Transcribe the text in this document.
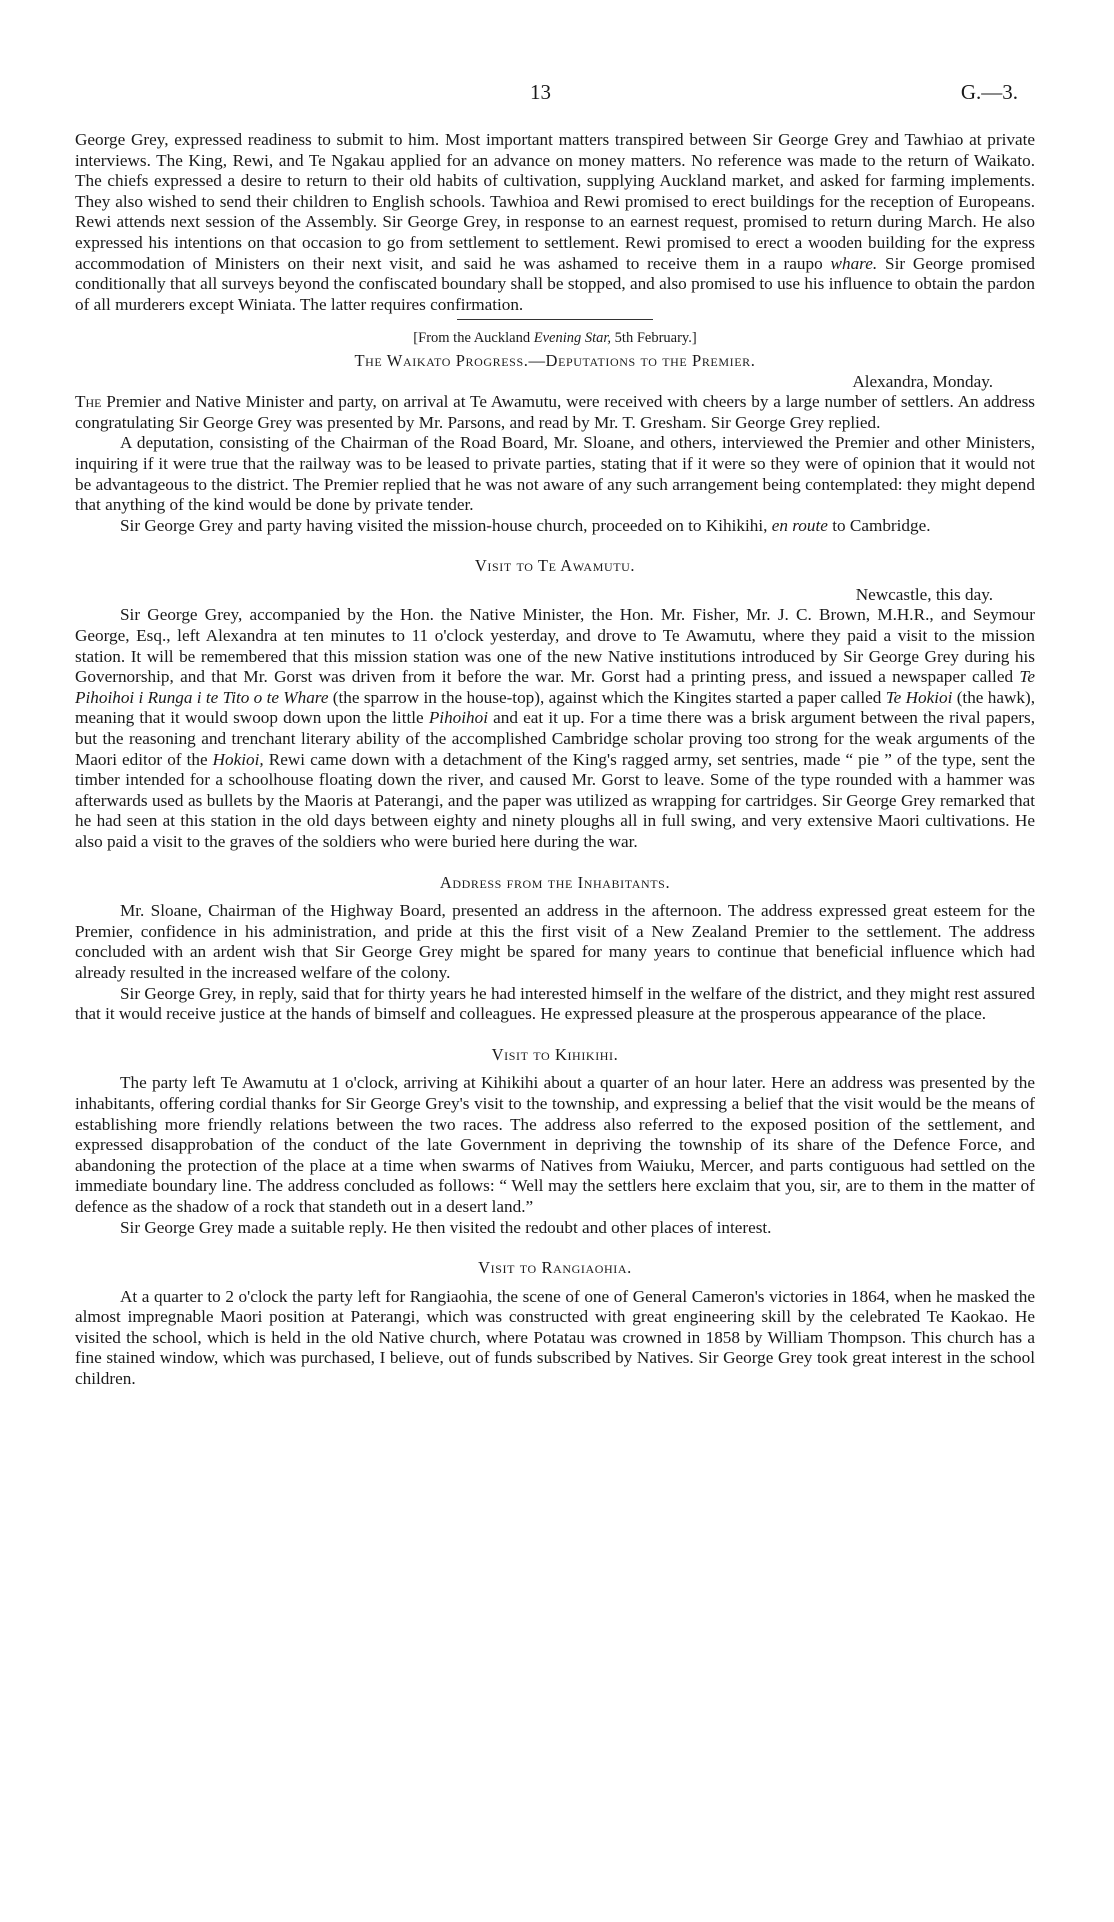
13	G.—3.

George Grey, expressed readiness to submit to him. Most important matters transpired between Sir George Grey and Tawhiao at private interviews. The King, Rewi, and Te Ngakau applied for an advance on money matters. No reference was made to the return of Waikato. The chiefs expressed a desire to return to their old habits of cultivation, supplying Auckland market, and asked for farming implements. They also wished to send their children to English schools. Tawhioa and Rewi promised to erect buildings for the reception of Europeans. Rewi attends next session of the Assembly. Sir George Grey, in response to an earnest request, promised to return during March. He also expressed his intentions on that occasion to go from settlement to settlement. Rewi promised to erect a wooden building for the express accommodation of Ministers on their next visit, and said he was ashamed to receive them in a raupo whare. Sir George promised conditionally that all surveys beyond the confiscated boundary shall be stopped, and also promised to use his influence to obtain the pardon of all murderers except Winiata. The latter requires confirmation.

[From the Auckland Evening Star, 5th February.]

The Waikato Progress.—Deputations to the Premier.

Alexandra, Monday.

The Premier and Native Minister and party, on arrival at Te Awamutu, were received with cheers by a large number of settlers. An address congratulating Sir George Grey was presented by Mr. Parsons, and read by Mr. T. Gresham. Sir George Grey replied.

A deputation, consisting of the Chairman of the Road Board, Mr. Sloane, and others, interviewed the Premier and other Ministers, inquiring if it were true that the railway was to be leased to private parties, stating that if it were so they were of opinion that it would not be advantageous to the district. The Premier replied that he was not aware of any such arrangement being contemplated: they might depend that anything of the kind would be done by private tender.

Sir George Grey and party having visited the mission-house church, proceeded on to Kihikihi, en route to Cambridge.

Visit to Te Awamutu.

Newcastle, this day.

Sir George Grey, accompanied by the Hon. the Native Minister, the Hon. Mr. Fisher, Mr. J. C. Brown, M.H.R., and Seymour George, Esq., left Alexandra at ten minutes to 11 o'clock yesterday, and drove to Te Awamutu, where they paid a visit to the mission station. It will be remembered that this mission station was one of the new Native institutions introduced by Sir George Grey during his Governorship, and that Mr. Gorst was driven from it before the war. Mr. Gorst had a printing press, and issued a newspaper called Te Pihoihoi i Runga i te Tito o te Whare (the sparrow in the house-top), against which the Kingites started a paper called Te Hokioi (the hawk), meaning that it would swoop down upon the little Pihoihoi and eat it up. For a time there was a brisk argument between the rival papers, but the reasoning and trenchant literary ability of the accomplished Cambridge scholar proving too strong for the weak arguments of the Maori editor of the Hokioi, Rewi came down with a detachment of the King's ragged army, set sentries, made “ pie ” of the type, sent the timber intended for a schoolhouse floating down the river, and caused Mr. Gorst to leave. Some of the type rounded with a hammer was afterwards used as bullets by the Maoris at Paterangi, and the paper was utilized as wrapping for cartridges. Sir George Grey remarked that he had seen at this station in the old days between eighty and ninety ploughs all in full swing, and very extensive Maori cultivations. He also paid a visit to the graves of the soldiers who were buried here during the war.

Address from the Inhabitants.

Mr. Sloane, Chairman of the Highway Board, presented an address in the afternoon. The address expressed great esteem for the Premier, confidence in his administration, and pride at this the first visit of a New Zealand Premier to the settlement. The address concluded with an ardent wish that Sir George Grey might be spared for many years to continue that beneficial influence which had already resulted in the increased welfare of the colony.

Sir George Grey, in reply, said that for thirty years he had interested himself in the welfare of the district, and they might rest assured that it would receive justice at the hands of bimself and colleagues. He expressed pleasure at the prosperous appearance of the place.

Visit to Kihikihi.

The party left Te Awamutu at 1 o'clock, arriving at Kihikihi about a quarter of an hour later. Here an address was presented by the inhabitants, offering cordial thanks for Sir George Grey's visit to the township, and expressing a belief that the visit would be the means of establishing more friendly relations between the two races. The address also referred to the exposed position of the settlement, and expressed disapprobation of the conduct of the late Government in depriving the township of its share of the Defence Force, and abandoning the protection of the place at a time when swarms of Natives from Waiuku, Mercer, and parts contiguous had settled on the immediate boundary line. The address concluded as follows: “ Well may the settlers here exclaim that you, sir, are to them in the matter of defence as the shadow of a rock that standeth out in a desert land.”

Sir George Grey made a suitable reply. He then visited the redoubt and other places of interest.

Visit to Rangiaohia.

At a quarter to 2 o'clock the party left for Rangiaohia, the scene of one of General Cameron's victories in 1864, when he masked the almost impregnable Maori position at Paterangi, which was constructed with great engineering skill by the celebrated Te Kaokao. He visited the school, which is held in the old Native church, where Potatau was crowned in 1858 by William Thompson. This church has a fine stained window, which was purchased, I believe, out of funds subscribed by Natives. Sir George Grey took great interest in the school children.
